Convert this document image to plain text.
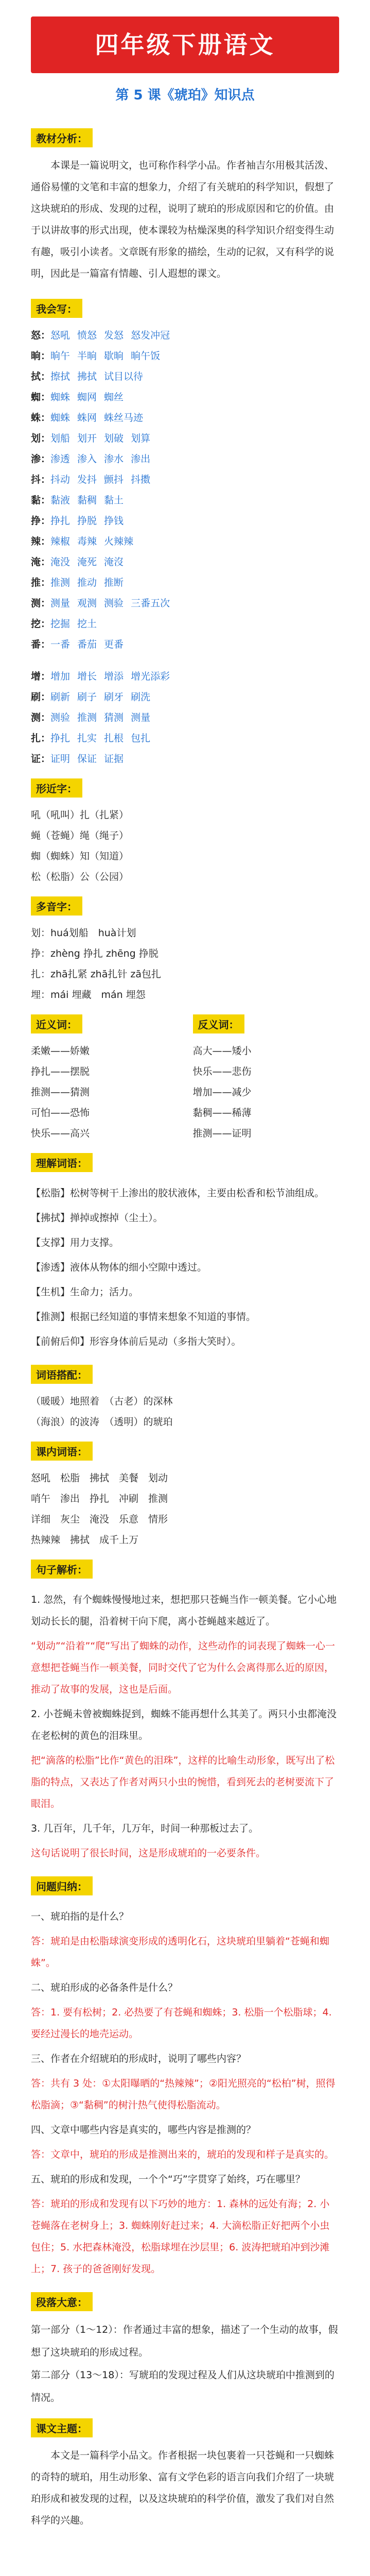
四年级下册语文
第 5 课《琥珀》知识点
教材分析：
本课是一篇说明文，也可称作科学小品。作者袖吉尔用极其活泼、通俗易懂的文笔和丰富的想象力，介绍了有关琥珀的科学知识，假想了这块琥珀的形成、发现的过程，说明了琥珀的形成原因和它的价值。由于以讲故事的形式出现，使本课较为枯燥深奥的科学知识介绍变得生动有趣，吸引小读者。文章既有形象的描绘，生动的记叙，又有科学的说明，因此是一篇富有情趣、引人遐想的课文。
我会写：
怒：怒吼 愤怒 发怒 怒发冲冠
晌：晌午 半晌 歇晌 晌午饭
拭：擦拭 拂拭 试目以待
蜘：蜘蛛 蜘网 蜘丝
蛛：蜘蛛 蛛网 蛛丝马迹
划：划船 划开 划破 划算
渗：渗透 渗入 渗水 渗出
抖：抖动 发抖 颤抖 抖擞
黏：黏液 黏稠 黏土
挣：挣扎 挣脱 挣钱
辣：辣椒 毒辣 火辣辣
淹：淹没 淹死 淹沒
推：推测 推动 推断
测：测量 观测 测验 三番五次
挖：挖掘 挖土
番：一番 番茄 更番
增：增加 增长 增添 增光添彩
刷：刷新 刷子 刷牙 刷洗
测：测验 推测 猜测 测量
扎：挣扎 扎实 扎根 包扎
证：证明 保证 证据
形近字：
吼（吼叫）扎（扎紧）
蝇（苍蝇）绳（绳子）
蜘（蜘蛛）知（知道）
松（松脂）公（公园）
多音字：
划：huá划船　huà计划
挣：zhèng 挣扎 zhēng 挣脱
扎：zhā扎紧 zhā扎针 zā包扎
埋：mái 埋藏　mán 埋怨
近义词：
柔嫩——娇嫩
挣扎——摆脱
推测——猜测
可怕——恐怖
快乐——高兴
反义词：
高大——矮小
快乐——悲伤
增加——减少
黏稠——稀薄
推测——证明
理解词语：
【松脂】松树等树干上渗出的胶状液体，主要由松香和松节油组成。
【拂拭】掸掉或擦掉（尘土）。
【支撑】用力支撑。
【渗透】液体从物体的细小空隙中透过。
【生机】生命力；活力。
【推测】根据已经知道的事情来想象不知道的事情。
【前俯后仰】形容身体前后晃动（多指大笑时）。
词语搭配：
（暖暖）地照着　（古老）的深林
（海浪）的波涛　（透明）的琥珀
课内词语：
怒吼　松脂　拂拭　美餐　划动
哨午　渗出　挣扎　冲刷　推测
详细　灰尘　淹没　乐意　情形
热辣辣　拂拭　成千上万
句子解析：
1. 忽然，有个蜘蛛慢慢地过来，想把那只苍蝇当作一顿美餐。它小心地划动长长的腿，沿着树干向下爬，离小苍蝇越来越近了。
“划动”“沿着”“爬”写出了蜘蛛的动作，这些动作的词表现了蜘蛛一心一意想把苍蝇当作一顿美餐，同时交代了它为什么会离得那么近的原因，推动了故事的发展，这也是后面。
2. 小苍蝇未曾被蜘蛛捉到，蜘蛛不能再想什么其美了。两只小虫都淹没在老松树的黄色的泪珠里。
把“滴落的松脂”比作“黄色的泪珠”，这样的比喻生动形象，既写出了松脂的特点，又表达了作者对两只小虫的惋惜，看到死去的老树要流下了眼泪。
3. 几百年，几千年，几万年，时间一种那板过去了。
这句话说明了很长时间，这是形成琥珀的一必要条件。
问题归纳：
一、琥珀指的是什么？
答：琥珀是由松脂球演变形成的透明化石，这块琥珀里躺着“苍蝇和蜘蛛”。
二、琥珀形成的必备条件是什么？
答：1. 要有松树；2. 必热要了有苍蝇和蜘蛛；3. 松脂一个松脂球；4. 要经过漫长的地壳运动。
三、作者在介绍琥珀的形成时，说明了哪些内容？
答：共有 3 处：①太阳曝晒的“热辣辣”；②阳光照亮的“松柏”树，照得松脂滴；③“黏稠”的树汁热气使得松脂流动。
四、文章中哪些内容是真实的，哪些内容是推测的？
答：文章中，琥珀的形成是推测出来的，琥珀的发现和样子是真实的。
五、琥珀的形成和发现，一个个“巧”字贯穿了始终，巧在哪里？
答：琥珀的形成和发现有以下巧妙的地方：1. 森林的远处有海；2. 小苍蝇落在老树身上；3. 蜘蛛刚好赶过来；4. 大滴松脂正好把两个小虫包住；5. 水把森林淹没，松脂球埋在沙层里；6. 波涛把琥珀冲到沙滩上；7. 孩子的爸爸刚好发现。
段落大意：
第一部分（1～12）：作者通过丰富的想象，描述了一个生动的故事，假想了这块琥珀的形成过程。
第二部分（13～18）：写琥珀的发现过程及人们从这块琥珀中推测到的情况。
课文主题：
本文是一篇科学小品文。作者根据一块包裹着一只苍蝇和一只蜘蛛的奇特的琥珀，用生动形象、富有文学色彩的语言向我们介绍了一块琥珀形成和被发现的过程，以及这块琥珀的科学价值，激发了我们对自然科学的兴趣。
